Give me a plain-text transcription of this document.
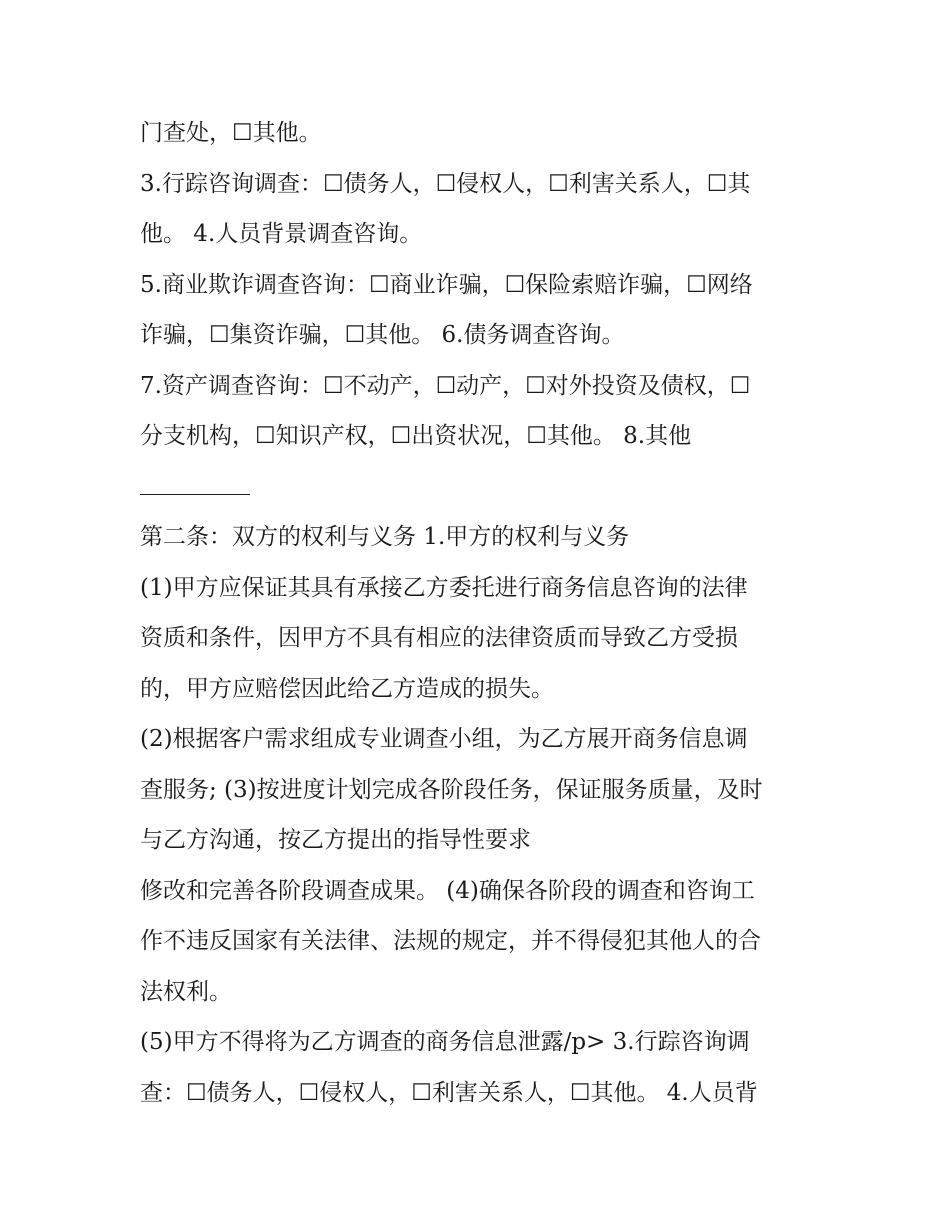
门查处，☐其他。
3.行踪咨询调查：☐债务人，☐侵权人，☐利害关系人，☐其
他。 4.人员背景调查咨询。
5.商业欺诈调查咨询：☐商业诈骗，☐保险索赔诈骗，☐网络
诈骗，☐集资诈骗，☐其他。 6.债务调查咨询。
7.资产调查咨询：☐不动产，☐动产，☐对外投资及债权，☐
分支机构，☐知识产权，☐出资状况，☐其他。 8.其他
第二条：双方的权利与义务 1.甲方的权利与义务
(1)甲方应保证其具有承接乙方委托进行商务信息咨询的法律
资质和条件，因甲方不具有相应的法律资质而导致乙方受损
的，甲方应赔偿因此给乙方造成的损失。
(2)根据客户需求组成专业调查小组，为乙方展开商务信息调
查服务; (3)按进度计划完成各阶段任务，保证服务质量，及时
与乙方沟通，按乙方提出的指导性要求
修改和完善各阶段调查成果。 (4)确保各阶段的调查和咨询工
作不违反国家有关法律、法规的规定，并不得侵犯其他人的合
法权利。
(5)甲方不得将为乙方调查的商务信息泄露/p> 3.行踪咨询调
查：☐债务人，☐侵权人，☐利害关系人，☐其他。 4.人员背
